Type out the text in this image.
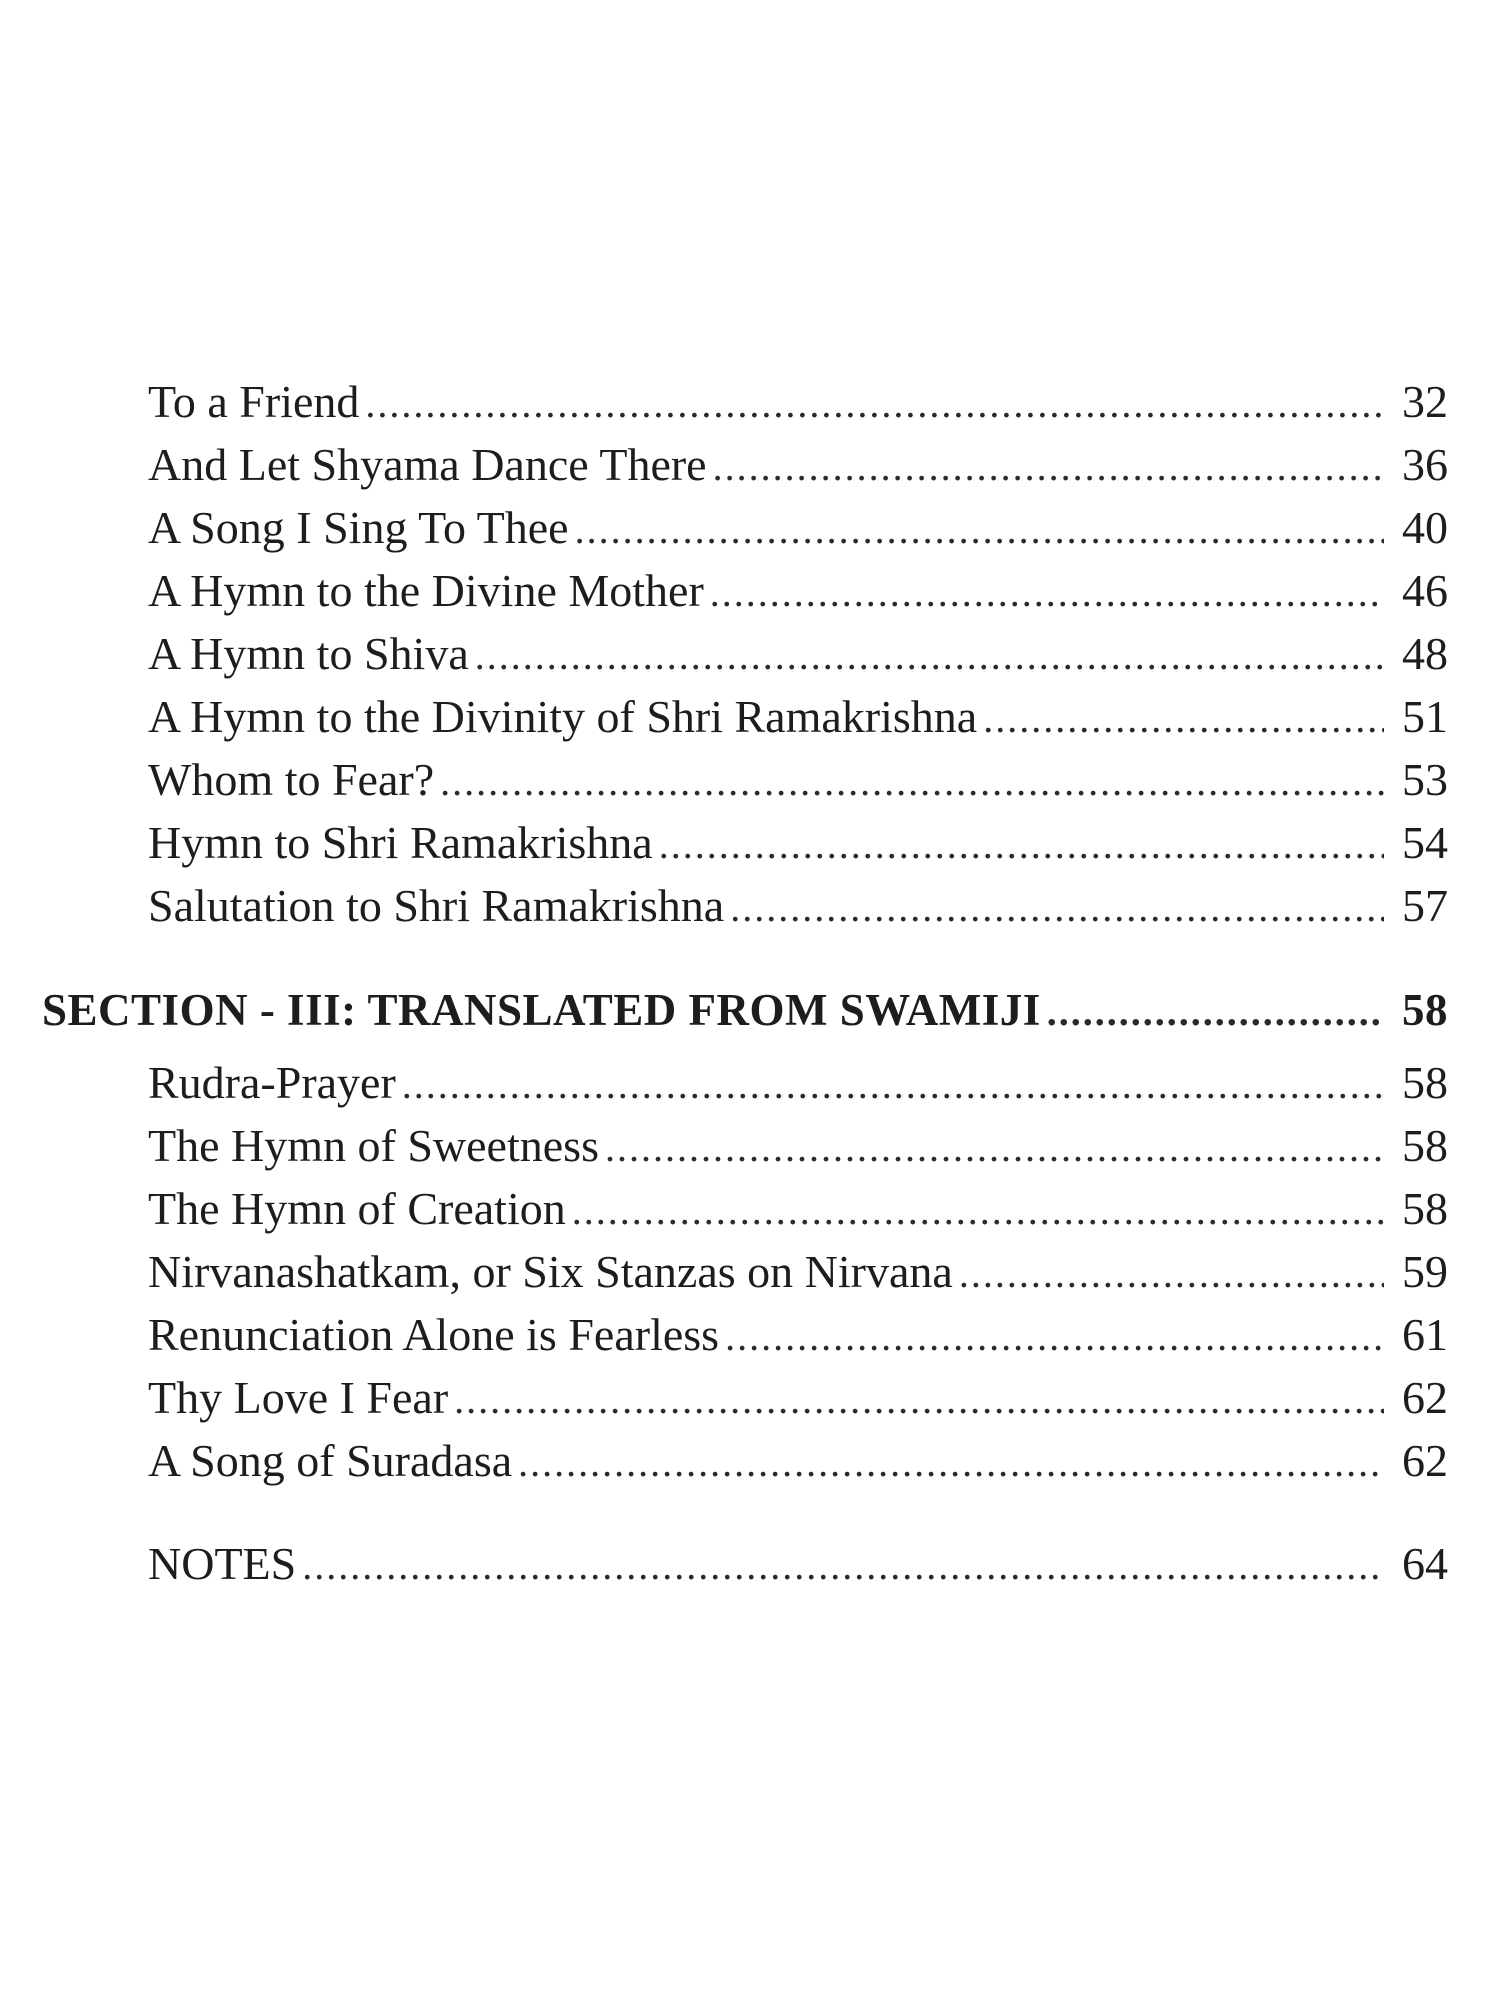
To a Friend .....	32
And Let Shyama Dance There .....	36
A Song I Sing To Thee .....	40
A Hymn to the Divine Mother .....	46
A Hymn to Shiva .....	48
A Hymn to the Divinity of Shri Ramakrishna .....	51
Whom to Fear? .....	53
Hymn to Shri Ramakrishna .....	54
Salutation to Shri Ramakrishna .....	57
SECTION - III: TRANSLATED FROM SWAMIJI .....	58
Rudra-Prayer .....	58
The Hymn of Sweetness .....	58
The Hymn of Creation .....	58
Nirvanashatkam, or Six Stanzas on Nirvana .....	59
Renunciation Alone is Fearless .....	61
Thy Love I Fear .....	62
A Song of Suradasa .....	62
NOTES .....	64
